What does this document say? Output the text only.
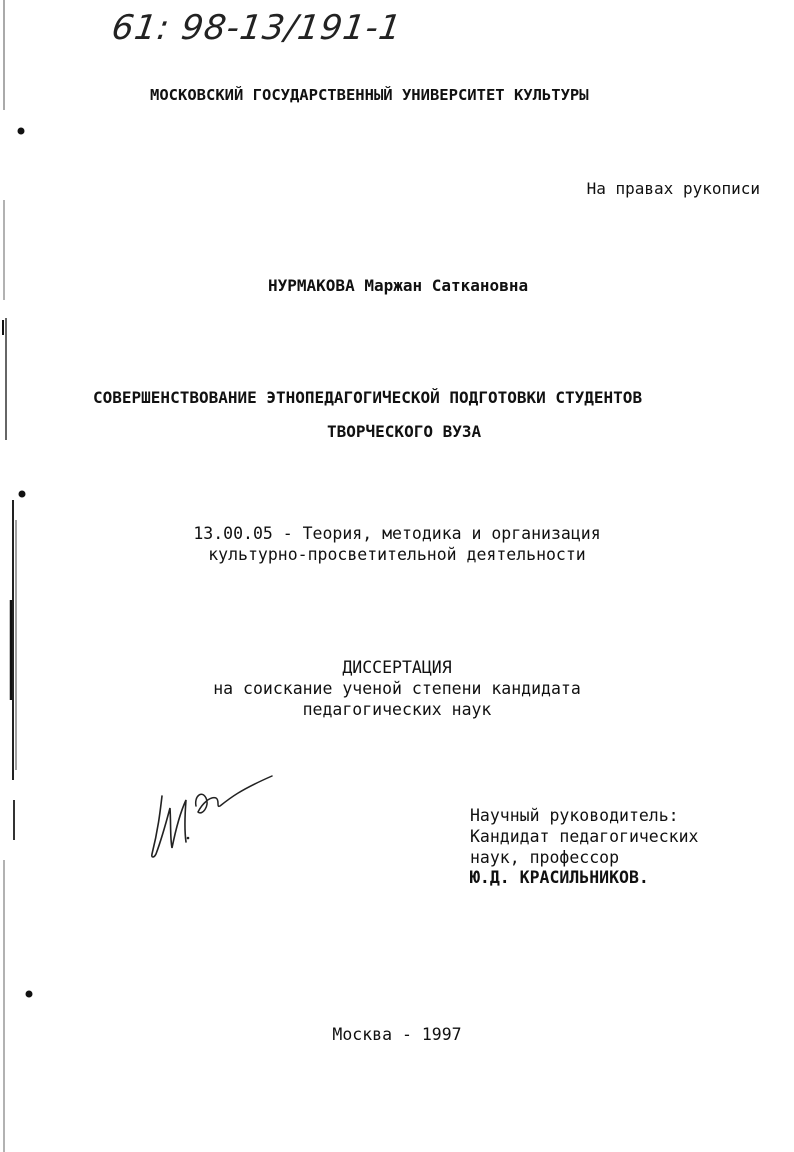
61: 98-13/191-1
МОСКОВСКИЙ ГОСУДАРСТВЕННЫЙ УНИВЕРСИТЕТ КУЛЬТУРЫ
На правах рукописи
НУРМАКОВА Маржан Саткановна
СОВЕРШЕНСТВОВАНИЕ ЭТНОПЕДАГОГИЧЕСКОЙ ПОДГОТОВКИ СТУДЕНТОВ
ТВОРЧЕСКОГО ВУЗА
13.00.05 - Теория, методика и организация
культурно-просветительной деятельности
ДИССЕРТАЦИЯ
на соискание ученой степени кандидата
педагогических наук
Научный руководитель:
Кандидат педагогических
наук, профессор
Ю.Д. КРАСИЛЬНИКОВ.
Москва - 1997
